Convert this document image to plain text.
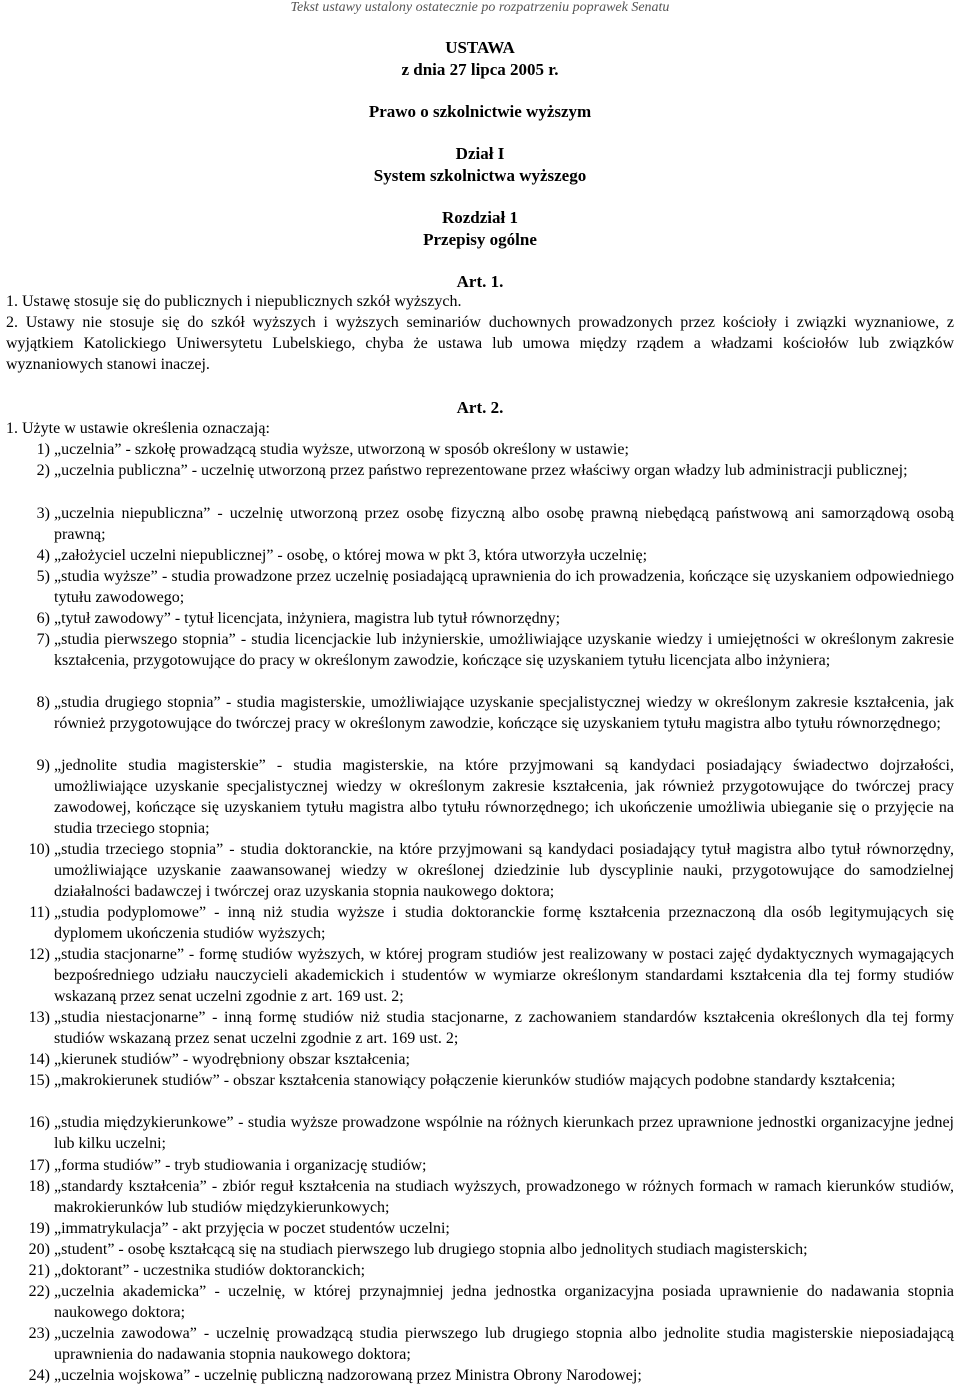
Tekst ustawy ustalony ostatecznie po rozpatrzeniu poprawek Senatu
USTAWA
z dnia 27 lipca 2005 r.
Prawo o szkolnictwie wyższym
Dział I
System szkolnictwa wyższego
Rozdział 1
Przepisy ogólne
Art. 1.
1. Ustawę stosuje się do publicznych i niepublicznych szkół wyższych.
2. Ustawy nie stosuje się do szkół wyższych i wyższych seminariów duchownych prowadzonych przez kościoły i związki wyznaniowe, z wyjątkiem Katolickiego Uniwersytetu Lubelskiego, chyba że ustawa lub umowa między rządem a władzami kościołów lub związków wyznaniowych stanowi inaczej.
Art. 2.
1. Użyte w ustawie określenia oznaczają:
1) „uczelnia” - szkołę prowadzącą studia wyższe, utworzoną w sposób określony w ustawie;
2) „uczelnia publiczna” - uczelnię utworzoną przez państwo reprezentowane przez właściwy organ władzy lub administracji publicznej;
3) „uczelnia niepubliczna” - uczelnię utworzoną przez osobę fizyczną albo osobę prawną niebędącą państwową ani samorządową osobą prawną;
4) „założyciel uczelni niepublicznej” - osobę, o której mowa w pkt 3, która utworzyła uczelnię;
5) „studia wyższe” - studia prowadzone przez uczelnię posiadającą uprawnienia do ich prowadzenia, kończące się uzyskaniem odpowiedniego tytułu zawodowego;
6) „tytuł zawodowy” - tytuł licencjata, inżyniera, magistra lub tytuł równorzędny;
7) „studia pierwszego stopnia” - studia licencjackie lub inżynierskie, umożliwiające uzyskanie wiedzy i umiejętności w określonym zakresie kształcenia, przygotowujące do pracy w określonym zawodzie, kończące się uzyskaniem tytułu licencjata albo inżyniera;
8) „studia drugiego stopnia” - studia magisterskie, umożliwiające uzyskanie specjalistycznej wiedzy w określonym zakresie kształcenia, jak również przygotowujące do twórczej pracy w określonym zawodzie, kończące się uzyskaniem tytułu magistra albo tytułu równorzędnego;
9) „jednolite studia magisterskie” - studia magisterskie, na które przyjmowani są kandydaci posiadający świadectwo dojrzałości, umożliwiające uzyskanie specjalistycznej wiedzy w określonym zakresie kształcenia, jak również przygotowujące do twórczej pracy zawodowej, kończące się uzyskaniem tytułu magistra albo tytułu równorzędnego; ich ukończenie umożliwia ubieganie się o przyjęcie na studia trzeciego stopnia;
10) „studia trzeciego stopnia” - studia doktoranckie, na które przyjmowani są kandydaci posiadający tytuł magistra albo tytuł równorzędny, umożliwiające uzyskanie zaawansowanej wiedzy w określonej dziedzinie lub dyscyplinie nauki, przygotowujące do samodzielnej działalności badawczej i twórczej oraz uzyskania stopnia naukowego doktora;
11) „studia podyplomowe” - inną niż studia wyższe i studia doktoranckie formę kształcenia przeznaczoną dla osób legitymujących się dyplomem ukończenia studiów wyższych;
12) „studia stacjonarne” - formę studiów wyższych, w której program studiów jest realizowany w postaci zajęć dydaktycznych wymagających bezpośredniego udziału nauczycieli akademickich i studentów w wymiarze określonym standardami kształcenia dla tej formy studiów wskazaną przez senat uczelni zgodnie z art. 169 ust. 2;
13) „studia niestacjonarne” - inną formę studiów niż studia stacjonarne, z zachowaniem standardów kształcenia określonych dla tej formy studiów wskazaną przez senat uczelni zgodnie z art. 169 ust. 2;
14) „kierunek studiów” - wyodrębniony obszar kształcenia;
15) „makrokierunek studiów” - obszar kształcenia stanowiący połączenie kierunków studiów mających podobne standardy kształcenia;
16) „studia międzykierunkowe” - studia wyższe prowadzone wspólnie na różnych kierunkach przez uprawnione jednostki organizacyjne jednej lub kilku uczelni;
17) „forma studiów” - tryb studiowania i organizację studiów;
18) „standardy kształcenia” - zbiór reguł kształcenia na studiach wyższych, prowadzonego w różnych formach w ramach kierunków studiów, makrokierunków lub studiów międzykierunkowych;
19) „immatrykulacja” - akt przyjęcia w poczet studentów uczelni;
20) „student” - osobę kształcącą się na studiach pierwszego lub drugiego stopnia albo jednolitych studiach magisterskich;
21) „doktorant” - uczestnika studiów doktoranckich;
22) „uczelnia akademicka” - uczelnię, w której przynajmniej jedna jednostka organizacyjna posiada uprawnienie do nadawania stopnia naukowego doktora;
23) „uczelnia zawodowa” - uczelnię prowadzącą studia pierwszego lub drugiego stopnia albo jednolite studia magisterskie nieposiadającą uprawnienia do nadawania stopnia naukowego doktora;
24) „uczelnia wojskowa” - uczelnię publiczną nadzorowaną przez Ministra Obrony Narodowej;
